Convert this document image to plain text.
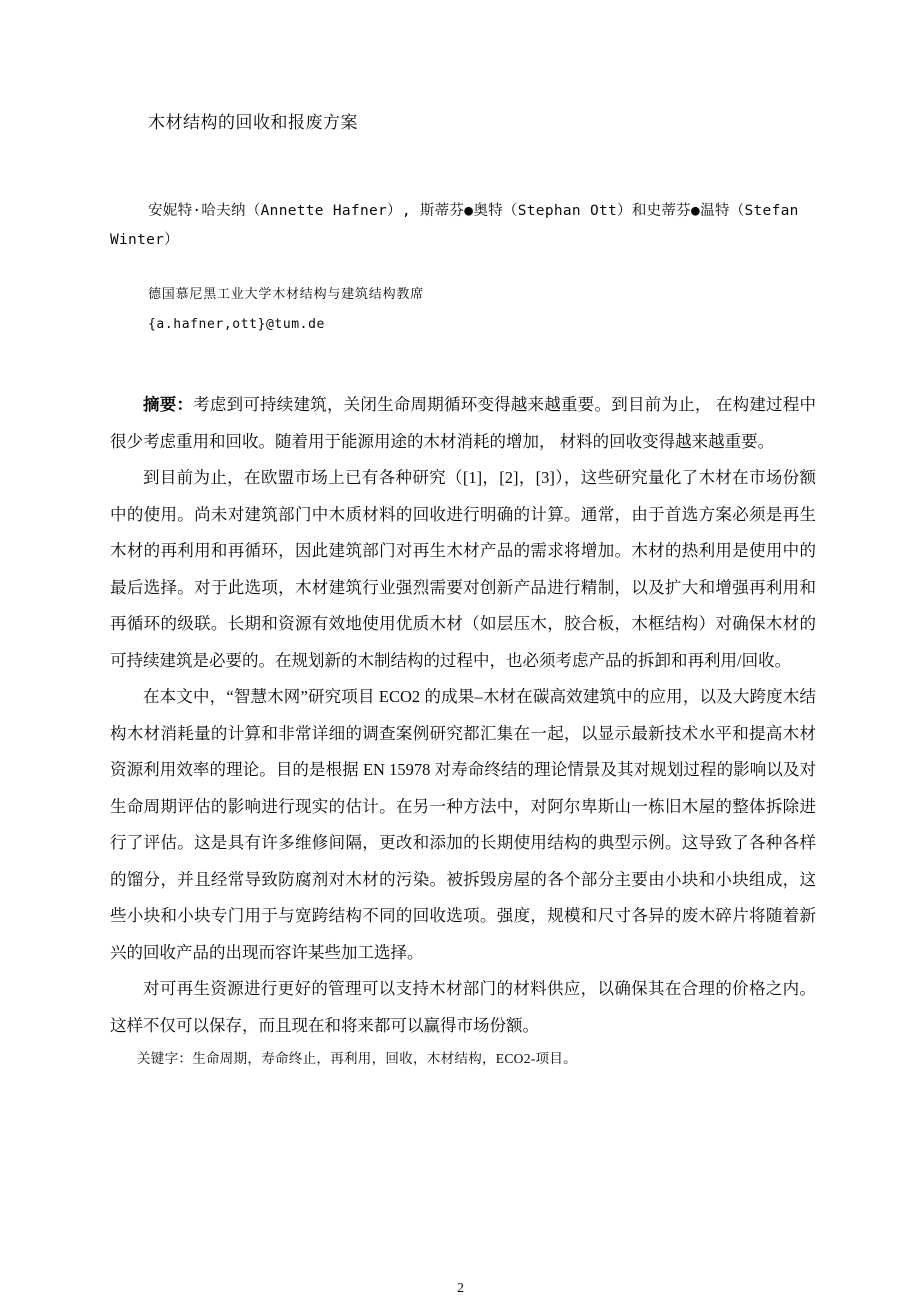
木材结构的回收和报废方案
安妮特·哈夫纳（Annette Hafner）, 斯蒂芬●奥特（Stephan Ott）和史蒂芬●温特（Stefan Winter）
德国慕尼黑工业大学木材结构与建筑结构教席
{a.hafner,ott}@tum.de

摘要：考虑到可持续建筑，关闭生命周期循环变得越来越重要。到目前为止， 在构建过程中很少考虑重用和回收。随着用于能源用途的木材消耗的增加， 材料的回收变得越来越重要。

到目前为止，在欧盟市场上已有各种研究（[1]，[2]，[3]），这些研究量化了木材在市场份额中的使用。尚未对建筑部门中木质材料的回收进行明确的计算。通常，由于首选方案必须是再生木材的再利用和再循环，因此建筑部门对再生木材产品的需求将增加。木材的热利用是使用中的最后选择。对于此选项，木材建筑行业强烈需要对创新产品进行精制，以及扩大和增强再利用和再循环的级联。长期和资源有效地使用优质木材（如层压木，胶合板，木框结构）对确保木材的可持续建筑是必要的。在规划新的木制结构的过程中，也必须考虑产品的拆卸和再利用/回收。

在本文中，“智慧木网”研究项目 ECO2 的成果–木材在碳高效建筑中的应用，以及大跨度木结构木材消耗量的计算和非常详细的调查案例研究都汇集在一起，以显示最新技术水平和提高木材资源利用效率的理论。目的是根据 EN 15978 对寿命终结的理论情景及其对规划过程的影响以及对生命周期评估的影响进行现实的估计。在另一种方法中，对阿尔卑斯山一栋旧木屋的整体拆除进行了评估。这是具有许多维修间隔，更改和添加的长期使用结构的典型示例。这导致了各种各样的馏分，并且经常导致防腐剂对木材的污染。被拆毁房屋的各个部分主要由小块和小块组成，这些小块和小块专门用于与宽跨结构不同的回收选项。强度，规模和尺寸各异的废木碎片将随着新兴的回收产品的出现而容许某些加工选择。

对可再生资源进行更好的管理可以支持木材部门的材料供应，以确保其在合理的价格之内。这样不仅可以保存，而且现在和将来都可以赢得市场份额。

关键字：生命周期，寿命终止，再利用，回收，木材结构，ECO2-项目。

2
